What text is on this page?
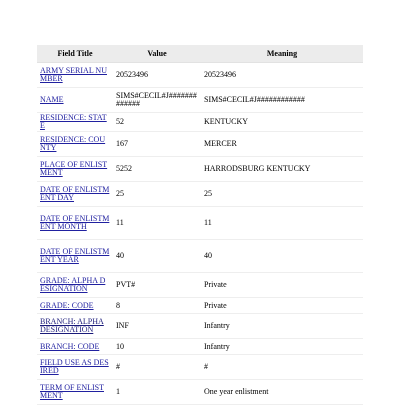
Field Title	Value	Meaning
ARMY SERIAL NUMBER	20523496	20523496
NAME	SIMS#CECIL#J#############	SIMS#CECIL#J############
RESIDENCE: STATE	52	KENTUCKY
RESIDENCE: COUNTY	167	MERCER
PLACE OF ENLISTMENT	5252	HARRODSBURG KENTUCKY
DATE OF ENLISTMENT DAY	25	25
DATE OF ENLISTMENT MONTH	11	11
DATE OF ENLISTMENT YEAR	40	40
GRADE: ALPHA DESIGNATION	PVT#	Private
GRADE: CODE	8	Private
BRANCH: ALPHA DESIGNATION	INF	Infantry
BRANCH: CODE	10	Infantry
FIELD USE AS DESIRED	#	#
TERM OF ENLISTMENT	1	One year enlistment
